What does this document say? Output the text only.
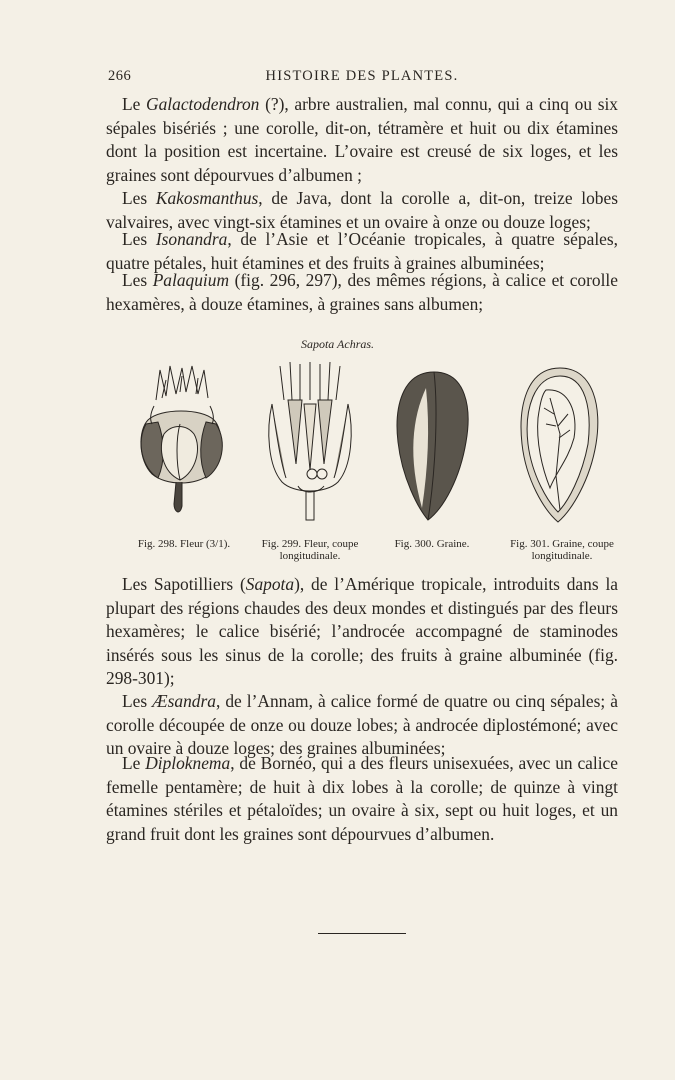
266	HISTOIRE DES PLANTES.

Le Galactodendron (?), arbre australien, mal connu, qui a cinq ou six sépales bisériés ; une corolle, dit-on, tétramère et huit ou dix étamines dont la position est incertaine. L’ovaire est creusé de six loges, et les graines sont dépourvues d’albumen ;

Les Kakosmanthus, de Java, dont la corolle a, dit-on, treize lobes valvaires, avec vingt-six étamines et un ovaire à onze ou douze loges;

Les Isonandra, de l’Asie et l’Océanie tropicales, à quatre sépales, quatre pétales, huit étamines et des fruits à graines albuminées;

Les Palaquium (fig. 296, 297), des mêmes régions, à calice et corolle hexamères, à douze étamines, à graines sans albumen;

Sapota Achras.
Fig. 298. Fleur (3/1).	Fig. 299. Fleur, coupe longitudinale.
Fig. 300. Graine.	Fig. 301. Graine, coupe longitudinale.

Les Sapotilliers (Sapota), de l’Amérique tropicale, introduits dans la plupart des régions chaudes des deux mondes et distingués par des fleurs hexamères; le calice bisérié; l’androcée accompagné de staminodes insérés sous les sinus de la corolle; des fruits à graine albuminée (fig. 298-301);

Les Æsandra, de l’Annam, à calice formé de quatre ou cinq sépales; à corolle découpée de onze ou douze lobes; à androcée diplostémoné; avec un ovaire à douze loges; des graines albuminées;

Le Diploknema, de Bornéo, qui a des fleurs unisexuées, avec un calice femelle pentamère; de huit à dix lobes à la corolle; de quinze à vingt étamines stériles et pétaloïdes; un ovaire à six, sept ou huit loges, et un grand fruit dont les graines sont dépourvues d’albumen.
